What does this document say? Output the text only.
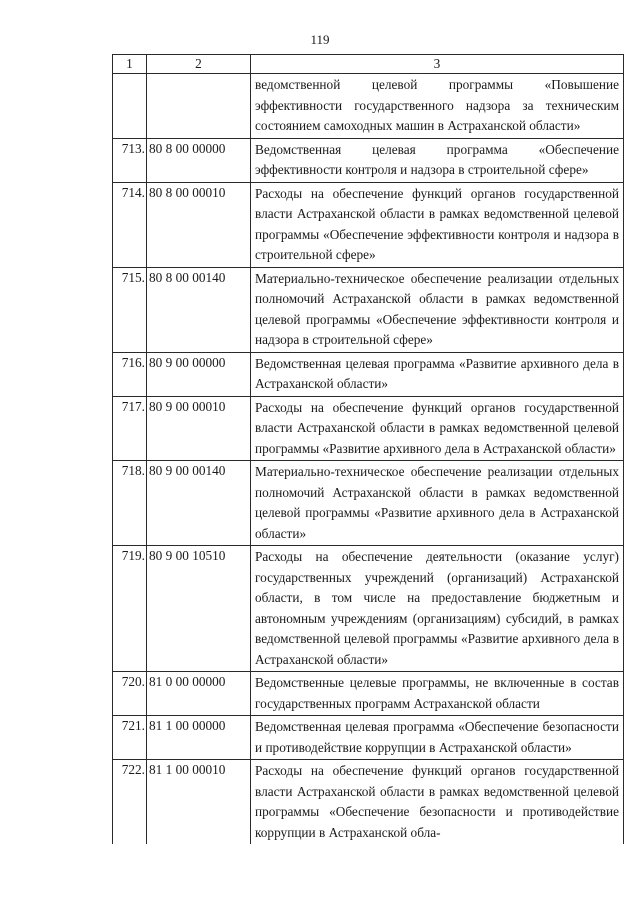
119
1	2	3
		ведомственной целевой программы «Повышение эффективности государственного надзора за техническим состоянием самоходных машин в Астраханской области»
713.	80 8 00 00000	Ведомственная целевая программа «Обеспечение эффективности контроля и надзора в строительной сфере»
714.	80 8 00 00010	Расходы на обеспечение функций органов государственной власти Астраханской области в рамках ведомственной целевой программы «Обеспечение эффективности контроля и надзора в строительной сфере»
715.	80 8 00 00140	Материально-техническое обеспечение реализации отдельных полномочий Астраханской области в рамках ведомственной целевой программы «Обеспечение эффективности контроля и надзора в строительной сфере»
716.	80 9 00 00000	Ведомственная целевая программа «Развитие архивного дела в Астраханской области»
717.	80 9 00 00010	Расходы на обеспечение функций органов государственной власти Астраханской области в рамках ведомственной целевой программы «Развитие архивного дела в Астраханской области»
718.	80 9 00 00140	Материально-техническое обеспечение реализации отдельных полномочий Астраханской области в рамках ведомственной целевой программы «Развитие архивного дела в Астраханской области»
719.	80 9 00 10510	Расходы на обеспечение деятельности (оказание услуг) государственных учреждений (организаций) Астраханской области, в том числе на предоставление бюджетным и автономным учреждениям (организациям) субсидий, в рамках ведомственной целевой программы «Развитие архивного дела в Астраханской области»
720.	81 0 00 00000	Ведомственные целевые программы, не включенные в состав государственных программ Астраханской области
721.	81 1 00 00000	Ведомственная целевая программа «Обеспечение безопасности и противодействие коррупции в Астраханской области»
722.	81 1 00 00010	Расходы на обеспечение функций органов государственной власти Астраханской области в рамках ведомственной целевой программы «Обеспечение безопасности и противодействие коррупции в Астраханской обла-
